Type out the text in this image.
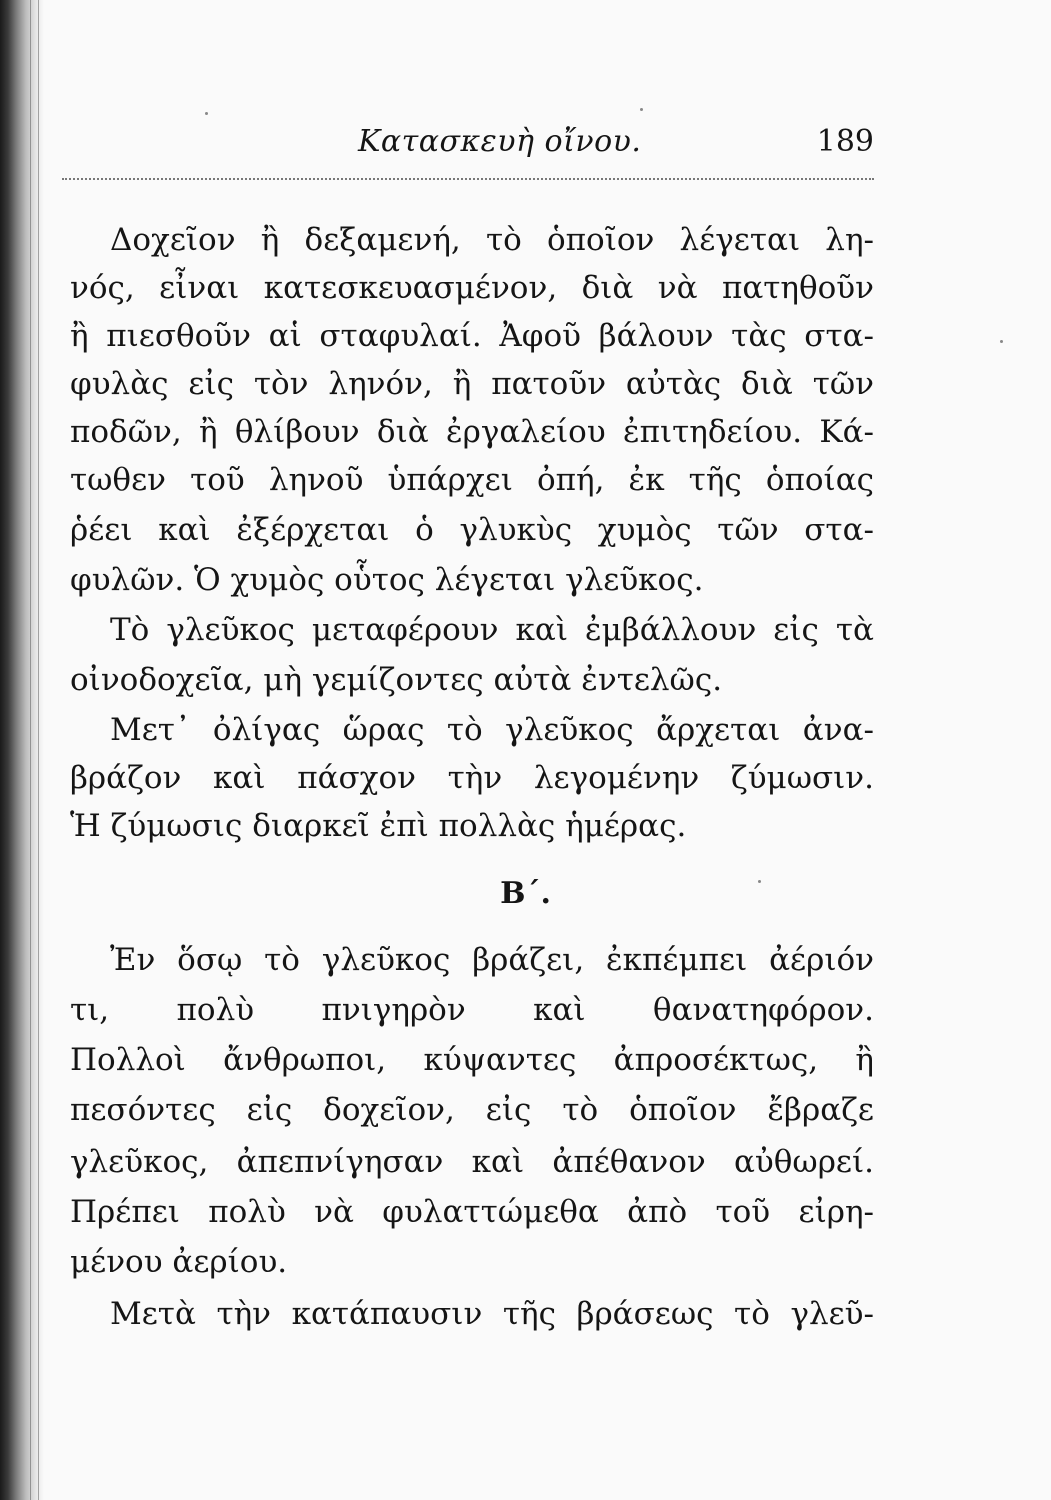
Κατασκευὴ οἴνου.	189
Δοχεῖον ἢ δεξαμενή, τὸ ὁποῖον λέγεται λη-
νός, εἶναι κατεσκευασμένον, διὰ νὰ πατηθοῦν
ἢ πιεσθοῦν αἱ σταφυλαί. Ἀφοῦ βάλουν τὰς στα-
φυλὰς εἰς τὸν ληνόν, ἢ πατοῦν αὐτὰς διὰ τῶν
ποδῶν, ἢ θλίβουν διὰ ἐργαλείου ἐπιτηδείου. Κά-
τωθεν τοῦ ληνοῦ ὑπάρχει ὀπή, ἐκ τῆς ὁποίας
ῥέει καὶ ἐξέρχεται ὁ γλυκὺς χυμὸς τῶν στα-
φυλῶν. Ὁ χυμὸς οὗτος λέγεται γλεῦκος.
Τὸ γλεῦκος μεταφέρουν καὶ ἐμβάλλουν εἰς τὰ
οἰνοδοχεῖα, μὴ γεμίζοντες αὐτὰ ἐντελῶς.
Μετ᾽ ὀλίγας ὥρας τὸ γλεῦκος ἄρχεται ἀνα-
βράζον καὶ πάσχον τὴν λεγομένην ζύμωσιν.
Ἡ ζύμωσις διαρκεῖ ἐπὶ πολλὰς ἡμέρας.
Β΄.
Ἐν ὅσῳ τὸ γλεῦκος βράζει, ἐκπέμπει ἀέριόν
τι, πολὺ πνιγηρὸν καὶ θανατηφόρον.
Πολλοὶ ἄνθρωποι, κύψαντες ἀπροσέκτως, ἢ
πεσόντες εἰς δοχεῖον, εἰς τὸ ὁποῖον ἔβραζε
γλεῦκος, ἀπεπνίγησαν καὶ ἀπέθανον αὐθωρεί.
Πρέπει πολὺ νὰ φυλαττώμεθα ἀπὸ τοῦ εἰρη-
μένου ἀερίου.
Μετὰ τὴν κατάπαυσιν τῆς βράσεως τὸ γλεῦ-
